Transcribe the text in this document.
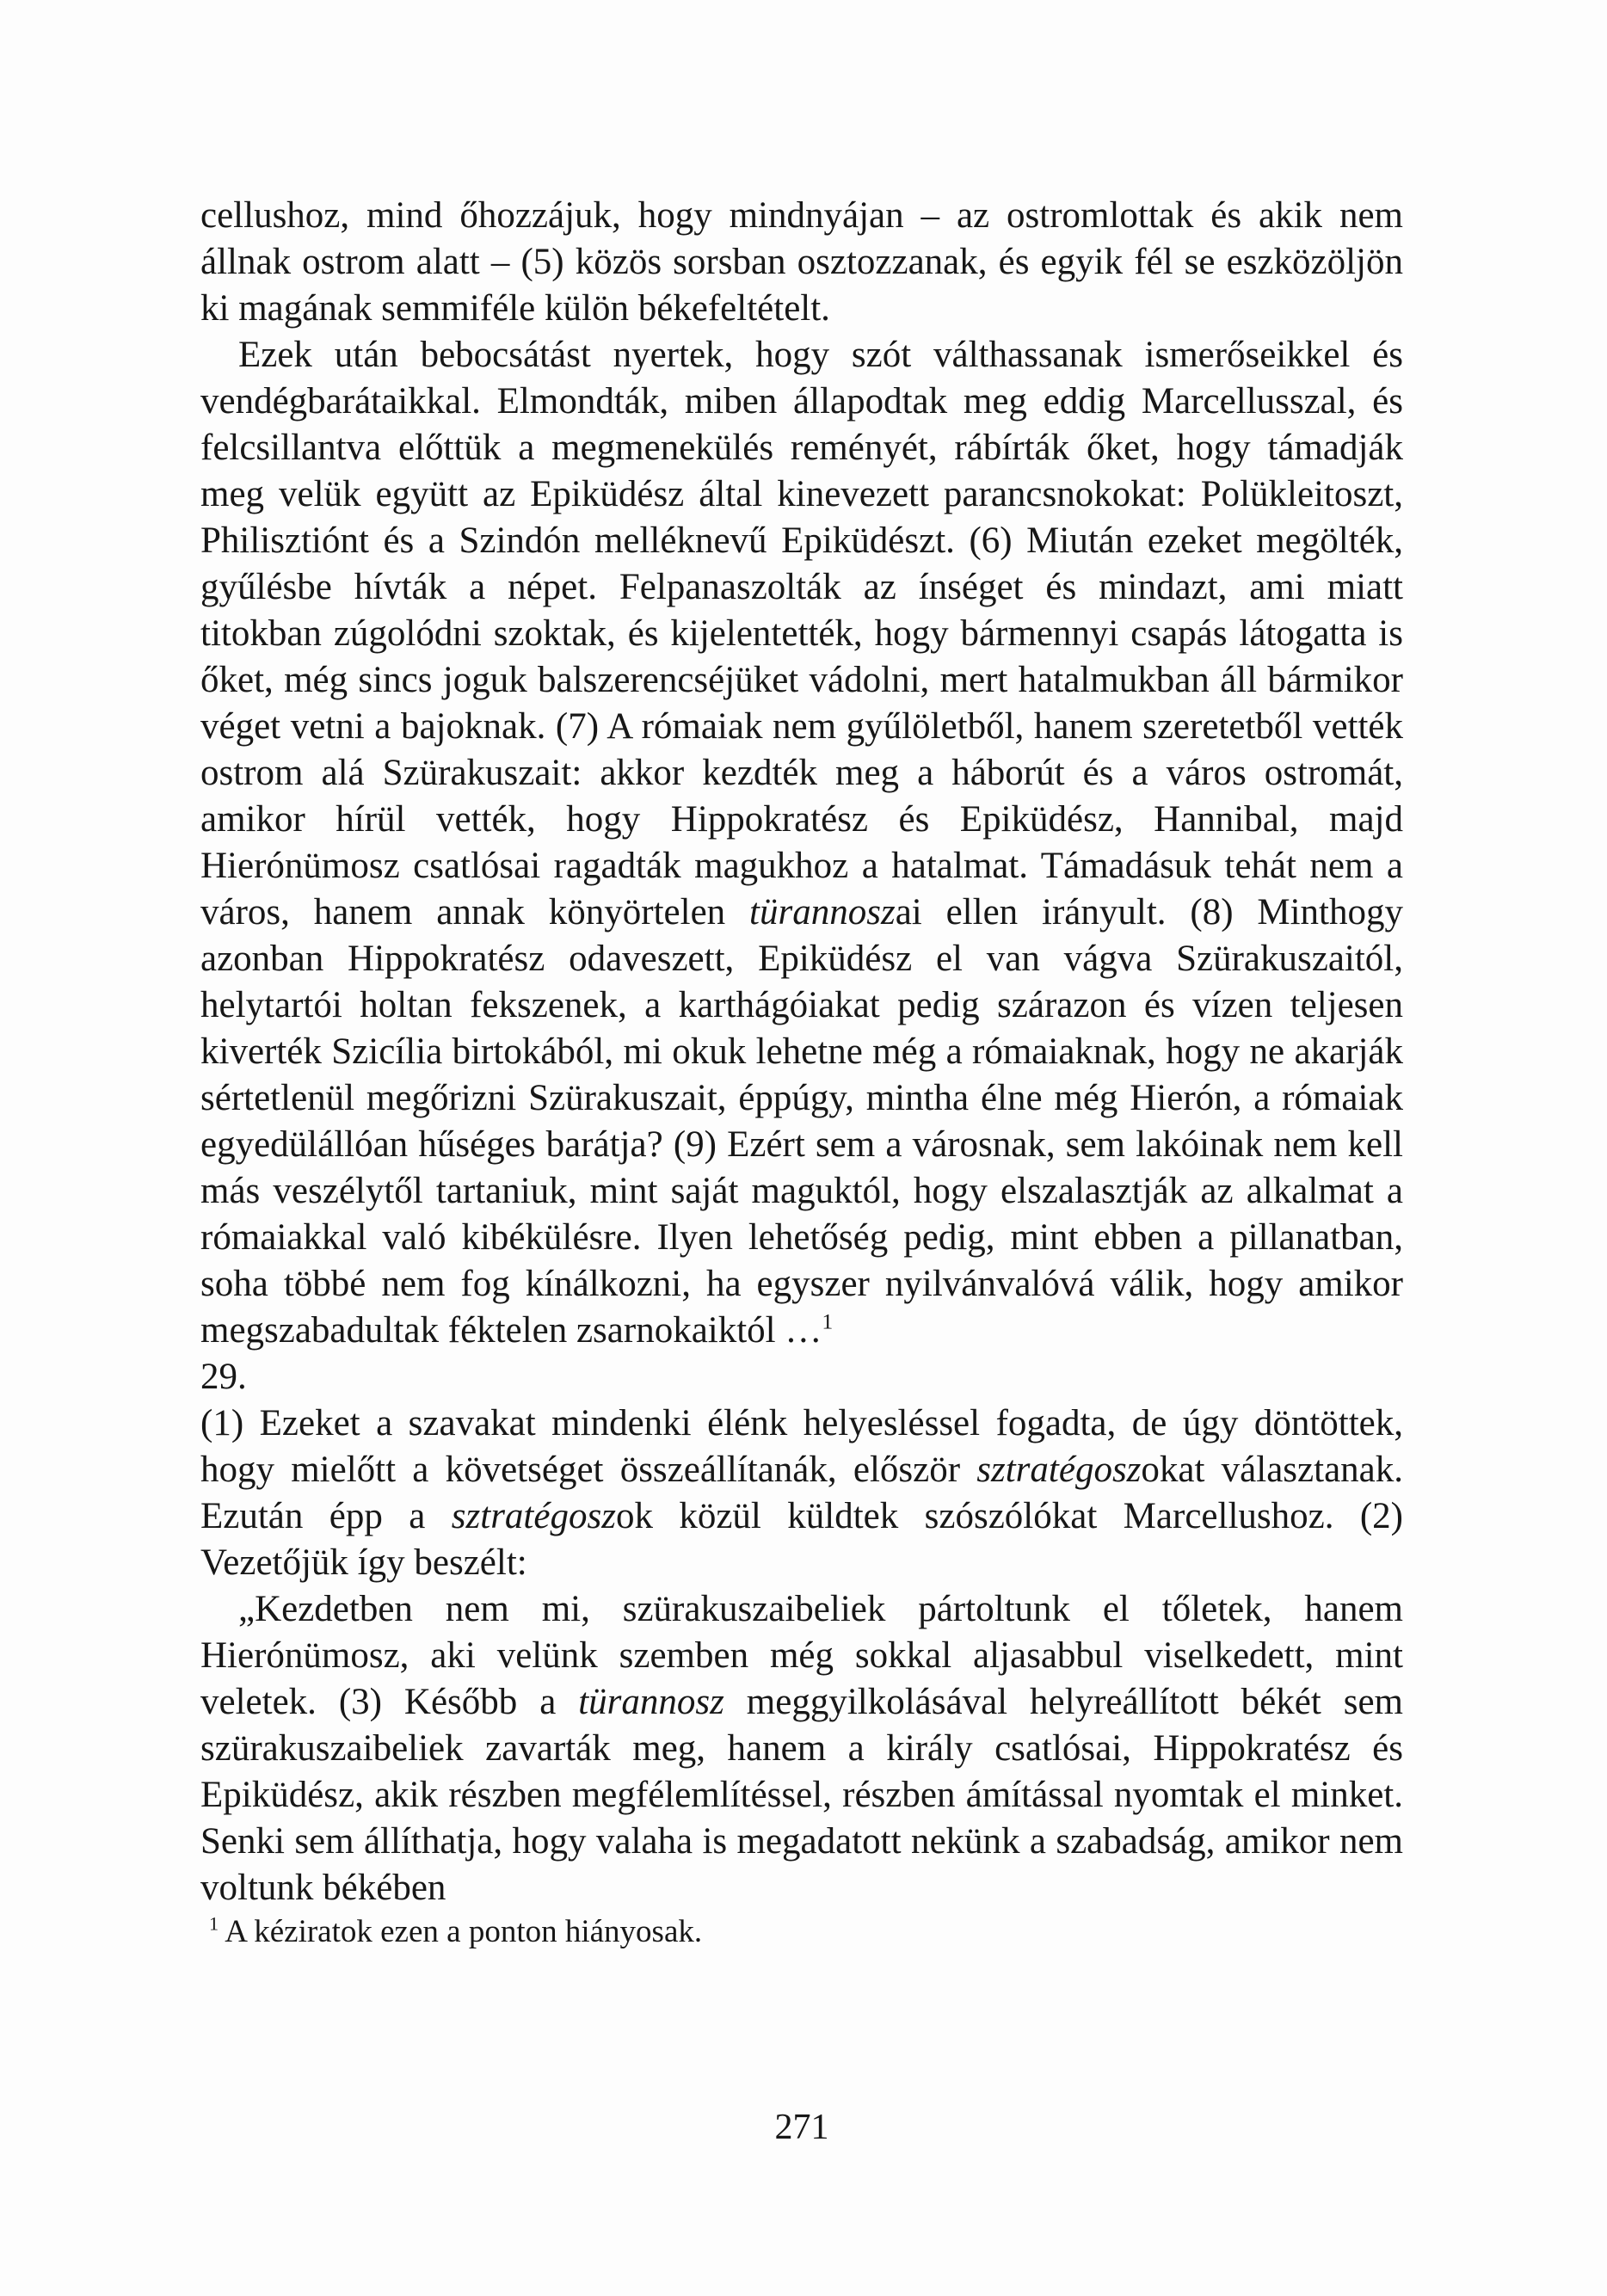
cellushoz, mind őhozzájuk, hogy mindnyájan – az ostromlottak és akik nem állnak ostrom alatt – (5) közös sorsban osztozzanak, és egyik fél se eszközöljön ki magának semmiféle külön békefeltételt.

Ezek után bebocsátást nyertek, hogy szót válthassanak ismerőseikkel és vendégbarátaikkal. Elmondták, miben állapodtak meg eddig Marcellusszal, és felcsillantva előttük a megmenekülés reményét, rábírták őket, hogy támadják meg velük együtt az Epiküdész által kinevezett parancsnokokat: Polükleitoszt, Philisztiónt és a Szindón melléknevű Epiküdészt. (6) Miután ezeket megölték, gyűlésbe hívták a népet. Felpanaszolták az ínséget és mindazt, ami miatt titokban zúgolódni szoktak, és kijelentették, hogy bármennyi csapás látogatta is őket, még sincs joguk balszerencséjüket vádolni, mert hatalmukban áll bármikor véget vetni a bajoknak. (7) A rómaiak nem gyűlöletből, hanem szeretetből vették ostrom alá Szürakuszait: akkor kezdték meg a háborút és a város ostromát, amikor hírül vették, hogy Hippokratész és Epiküdész, Hannibal, majd Hierónümosz csatlósai ragadták magukhoz a hatalmat. Támadásuk tehát nem a város, hanem annak könyörtelen türannoszai ellen irányult. (8) Minthogy azonban Hippokratész odaveszett, Epiküdész el van vágva Szürakuszaitól, helytartói holtan fekszenek, a karthágóiakat pedig szárazon és vízen teljesen kiverték Szicília birtokából, mi okuk lehetne még a rómaiaknak, hogy ne akarják sértetlenül megőrizni Szürakuszait, éppúgy, mintha élne még Hierón, a rómaiak egyedülállóan hűséges barátja? (9) Ezért sem a városnak, sem lakóinak nem kell más veszélytől tartaniuk, mint saját maguktól, hogy elszalasztják az alkalmat a rómaiakkal való kibékülésre. Ilyen lehetőség pedig, mint ebben a pillanatban, soha többé nem fog kínálkozni, ha egyszer nyilvánvalóvá válik, hogy amikor megszabadultak féktelen zsarnokaiktól …$^1$

29.

(1) Ezeket a szavakat mindenki élénk helyesléssel fogadta, de úgy döntöttek, hogy mielőtt a követséget összeállítanák, először sztratégoszokat választanak. Ezután épp a sztratégoszok közül küldtek szószólókat Marcellushoz. (2) Vezetőjük így beszélt:

„Kezdetben nem mi, szürakuszaibeliek pártoltunk el tőletek, hanem Hierónümosz, aki velünk szemben még sokkal aljasabbul viselkedett, mint veletek. (3) Később a türannosz meggyilkolásával helyreállított békét sem szürakuszaibeliek zavarták meg, hanem a király csatlósai, Hippokratész és Epiküdész, akik részben megfélemlítéssel, részben ámítással nyomtak el minket. Senki sem állíthatja, hogy valaha is megadatott nekünk a szabadság, amikor nem voltunk békében

$^1$ A kéziratok ezen a ponton hiányosak.

271
